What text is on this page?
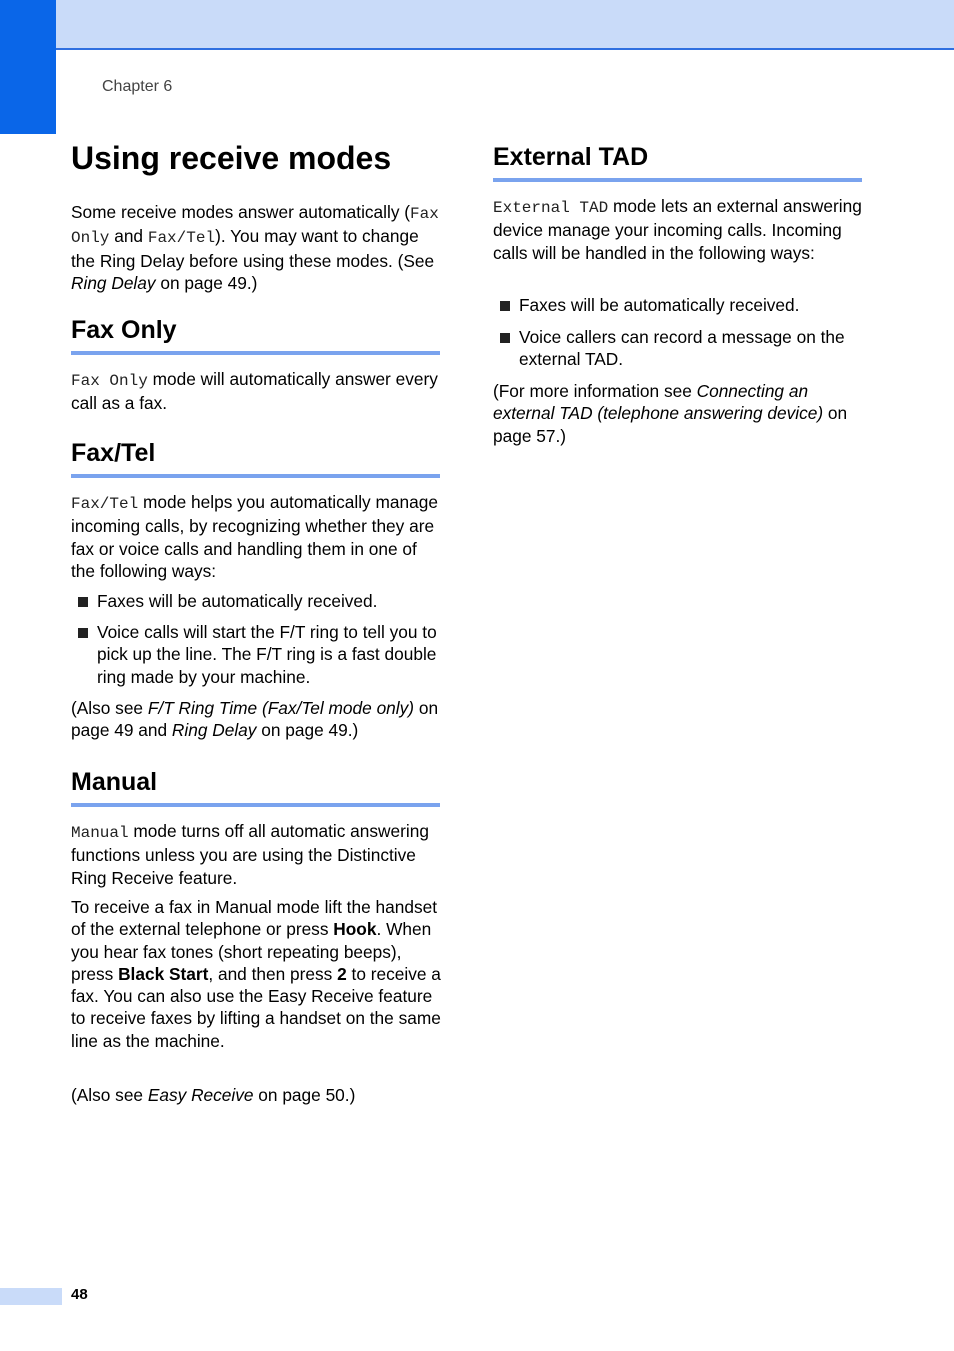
Chapter 6
Using receive modes

Some receive modes answer automatically (Fax Only and Fax/Tel). You may want to change the Ring Delay before using these modes. (See Ring Delay on page 49.)

Fax Only

Fax Only mode will automatically answer every call as a fax.

Fax/Tel

Fax/Tel mode helps you automatically manage incoming calls, by recognizing whether they are fax or voice calls and handling them in one of the following ways:

Faxes will be automatically received.
Voice calls will start the F/T ring to tell you to pick up the line. The F/T ring is a fast double ring made by your machine.

(Also see F/T Ring Time (Fax/Tel mode only) on page 49 and Ring Delay on page 49.)

Manual

Manual mode turns off all automatic answering functions unless you are using the Distinctive Ring Receive feature.

To receive a fax in Manual mode lift the handset of the external telephone or press Hook. When you hear fax tones (short repeating beeps), press Black Start, and then press 2 to receive a fax. You can also use the Easy Receive feature to receive faxes by lifting a handset on the same line as the machine.

(Also see Easy Receive on page 50.)

External TAD

External TAD mode lets an external answering device manage your incoming calls. Incoming calls will be handled in the following ways:

Faxes will be automatically received.
Voice callers can record a message on the external TAD.

(For more information see Connecting an external TAD (telephone answering device) on page 57.)

48
